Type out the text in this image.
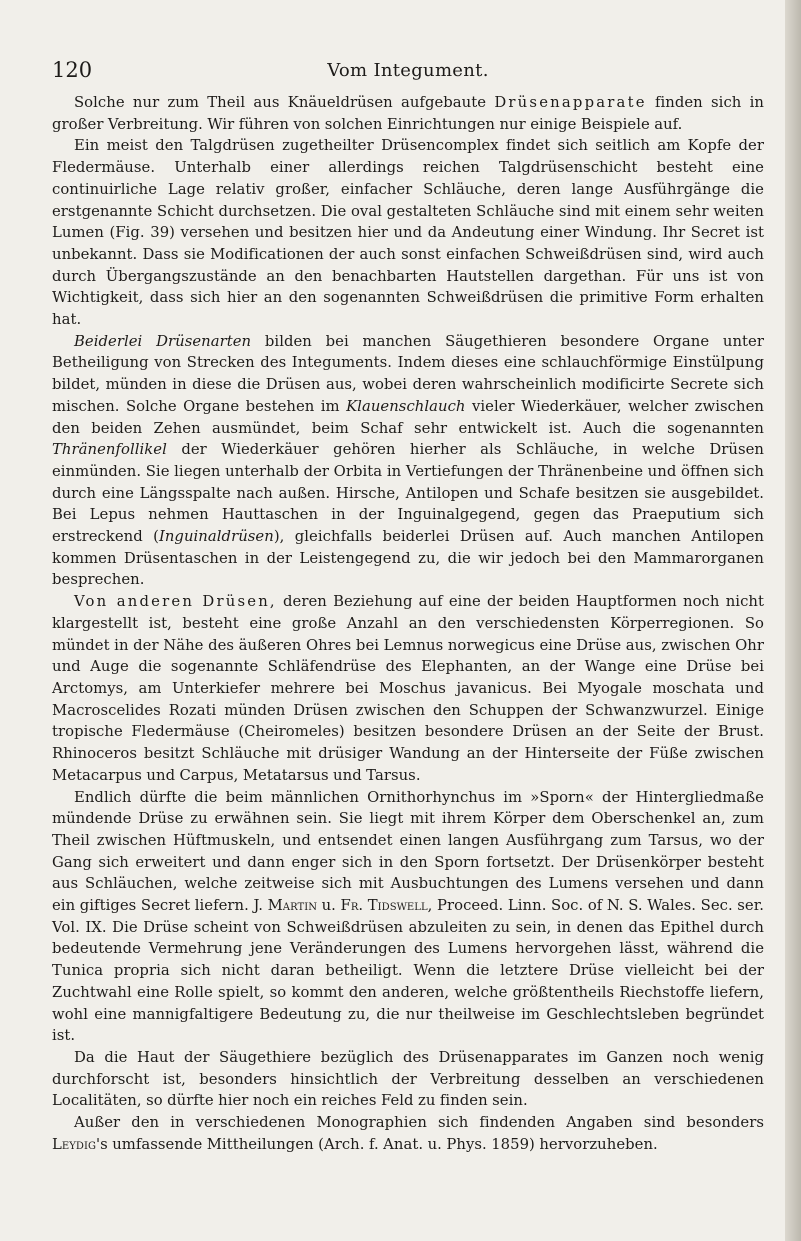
120	Vom Integument.

Solche nur zum Theil aus Knäueldrüsen aufgebaute Drüsenapparate finden sich in großer Verbreitung. Wir führen von solchen Einrichtungen nur einige Beispiele auf.

Ein meist den Talgdrüsen zugetheilter Drüsencomplex findet sich seitlich am Kopfe der Fledermäuse. Unterhalb einer allerdings reichen Talgdrüsenschicht besteht eine continuirliche Lage relativ großer, einfacher Schläuche, deren lange Ausführgänge die erstgenannte Schicht durchsetzen. Die oval gestalteten Schläuche sind mit einem sehr weiten Lumen (Fig. 39) versehen und besitzen hier und da Andeutung einer Windung. Ihr Secret ist unbekannt. Dass sie Modificationen der auch sonst einfachen Schweißdrüsen sind, wird auch durch Übergangszustände an den benachbarten Hautstellen dargethan. Für uns ist von Wichtigkeit, dass sich hier an den sogenannten Schweißdrüsen die primitive Form erhalten hat.

Beiderlei Drüsenarten bilden bei manchen Säugethieren besondere Organe unter Betheiligung von Strecken des Integuments. Indem dieses eine schlauchförmige Einstülpung bildet, münden in diese die Drüsen aus, wobei deren wahrscheinlich modificirte Secrete sich mischen. Solche Organe bestehen im Klauenschlauch vieler Wiederkäuer, welcher zwischen den beiden Zehen ausmündet, beim Schaf sehr entwickelt ist. Auch die sogenannten Thränenfollikel der Wiederkäuer gehören hierher als Schläuche, in welche Drüsen einmünden. Sie liegen unterhalb der Orbita in Vertiefungen der Thränenbeine und öffnen sich durch eine Längsspalte nach außen. Hirsche, Antilopen und Schafe besitzen sie ausgebildet. Bei Lepus nehmen Hauttaschen in der Inguinalgegend, gegen das Praeputium sich erstreckend (Inguinaldrüsen), gleichfalls beiderlei Drüsen auf. Auch manchen Antilopen kommen Drüsentaschen in der Leistengegend zu, die wir jedoch bei den Mammarorganen besprechen.

Von anderen Drüsen, deren Beziehung auf eine der beiden Hauptformen noch nicht klargestellt ist, besteht eine große Anzahl an den verschiedensten Körperregionen. So mündet in der Nähe des äußeren Ohres bei Lemnus norwegicus eine Drüse aus, zwischen Ohr und Auge die sogenannte Schläfendrüse des Elephanten, an der Wange eine Drüse bei Arctomys, am Unterkiefer mehrere bei Moschus javanicus. Bei Myogale moschata und Macroscelides Rozati münden Drüsen zwischen den Schuppen der Schwanzwurzel. Einige tropische Fledermäuse (Cheiromeles) besitzen besondere Drüsen an der Seite der Brust. Rhinoceros besitzt Schläuche mit drüsiger Wandung an der Hinterseite der Füße zwischen Metacarpus und Carpus, Metatarsus und Tarsus.

Endlich dürfte die beim männlichen Ornithorhynchus im »Sporn« der Hintergliedmaße mündende Drüse zu erwähnen sein. Sie liegt mit ihrem Körper dem Oberschenkel an, zum Theil zwischen Hüftmuskeln, und entsendet einen langen Ausführgang zum Tarsus, wo der Gang sich erweitert und dann enger sich in den Sporn fortsetzt. Der Drüsenkörper besteht aus Schläuchen, welche zeitweise sich mit Ausbuchtungen des Lumens versehen und dann ein giftiges Secret liefern. J. Martin u. Fr. Tidswell, Proceed. Linn. Soc. of N. S. Wales. Sec. ser. Vol. IX. Die Drüse scheint von Schweißdrüsen abzuleiten zu sein, in denen das Epithel durch bedeutende Vermehrung jene Veränderungen des Lumens hervorgehen lässt, während die Tunica propria sich nicht daran betheiligt. Wenn die letztere Drüse vielleicht bei der Zuchtwahl eine Rolle spielt, so kommt den anderen, welche größtentheils Riechstoffe liefern, wohl eine mannigfaltigere Bedeutung zu, die nur theilweise im Geschlechtsleben begründet ist.

Da die Haut der Säugethiere bezüglich des Drüsenapparates im Ganzen noch wenig durchforscht ist, besonders hinsichtlich der Verbreitung desselben an verschiedenen Localitäten, so dürfte hier noch ein reiches Feld zu finden sein.

Außer den in verschiedenen Monographien sich findenden Angaben sind besonders Leydig's umfassende Mittheilungen (Arch. f. Anat. u. Phys. 1859) hervorzuheben.
